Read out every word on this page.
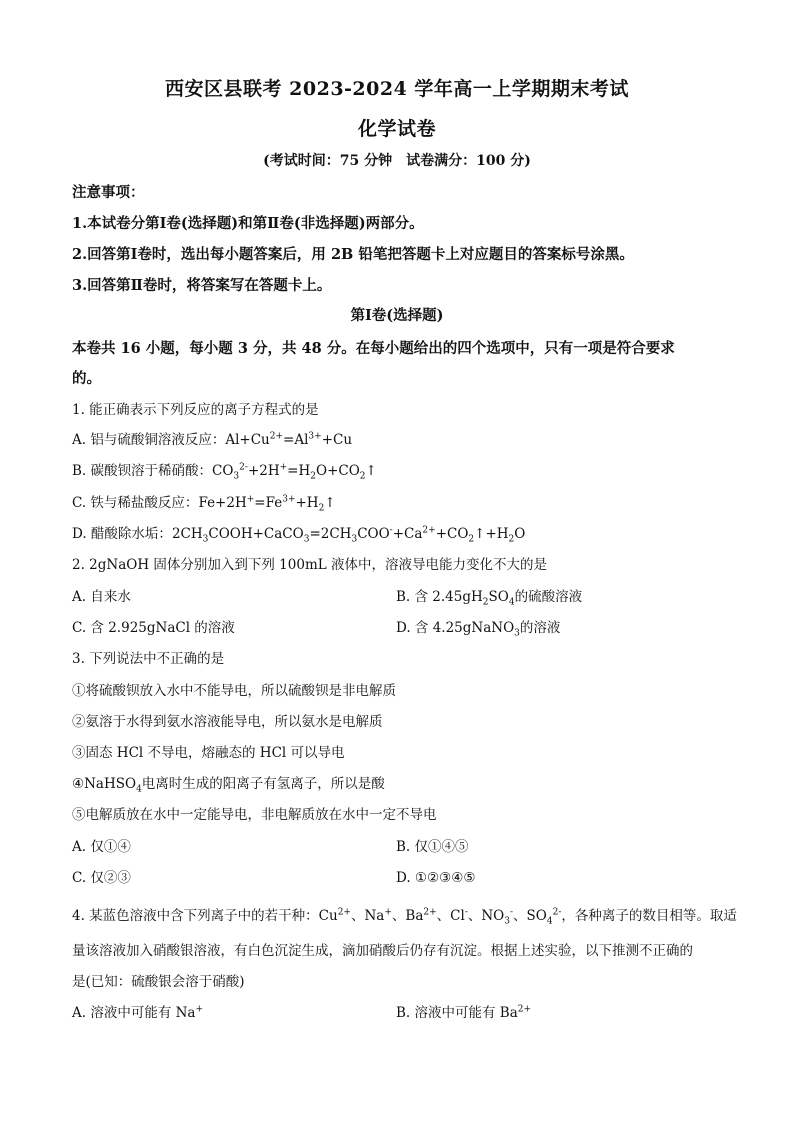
西安区县联考 2023-2024 学年高一上学期期末考试
化学试卷
(考试时间：75 分钟　试卷满分：100 分)
注意事项：
1.本试卷分第Ⅰ卷(选择题)和第Ⅱ卷(非选择题)两部分。
2.回答第Ⅰ卷时，选出每小题答案后，用 2B 铅笔把答题卡上对应题目的答案标号涂黑。
3.回答第Ⅱ卷时，将答案写在答题卡上。
第Ⅰ卷(选择题)
本卷共 16 小题，每小题 3 分，共 48 分。在每小题给出的四个选项中，只有一项是符合要求
的。
1. 能正确表示下列反应的离子方程式的是
A. 铝与硫酸铜溶液反应：$Al+Cu^{2+}=Al^{3+}+Cu$
B. 碳酸钡溶于稀硝酸：$CO_3^{2-}+2H^+=H_2O+CO_2↑$
C. 铁与稀盐酸反应：$Fe+2H^+=Fe^{3+}+H_2↑$
D. 醋酸除水垢：$2CH_3COOH+CaCO_3=2CH_3COO^-+Ca^{2+}+CO_2↑+H_2O$
2. 2gNaOH 固体分别加入到下列 100mL 液体中，溶液导电能力变化不大的是
A. 自来水	B. 含 $2.45gH_2SO_4$的硫酸溶液
C. 含 2.925gNaCl 的溶液	D. 含 4.25gNaNO$_3$的溶液
3. 下列说法中不正确的是
①将硫酸钡放入水中不能导电，所以硫酸钡是非电解质
②氨溶于水得到氨水溶液能导电，所以氨水是电解质
③固态 HCl 不导电，熔融态的 HCl 可以导电
④NaHSO$_4$电离时生成的阳离子有氢离子，所以是酸
⑤电解质放在水中一定能导电，非电解质放在水中一定不导电
A. 仅①④	B. 仅①④⑤
C. 仅②③	D. ①②③④⑤
4. 某蓝色溶液中含下列离子中的若干种：$Cu^{2+}$、Na+、$Ba^{2+}$、Cl-、$NO_3^-$、$SO_4^{2-}$，各种离子的数目相等。取适
量该溶液加入硝酸银溶液，有白色沉淀生成，滴加硝酸后仍存有沉淀。根据上述实验，以下推测不正确的
是(已知：硫酸银会溶于硝酸)
A. 溶液中可能有 Na+	B. 溶液中可能有 $Ba^{2+}$
